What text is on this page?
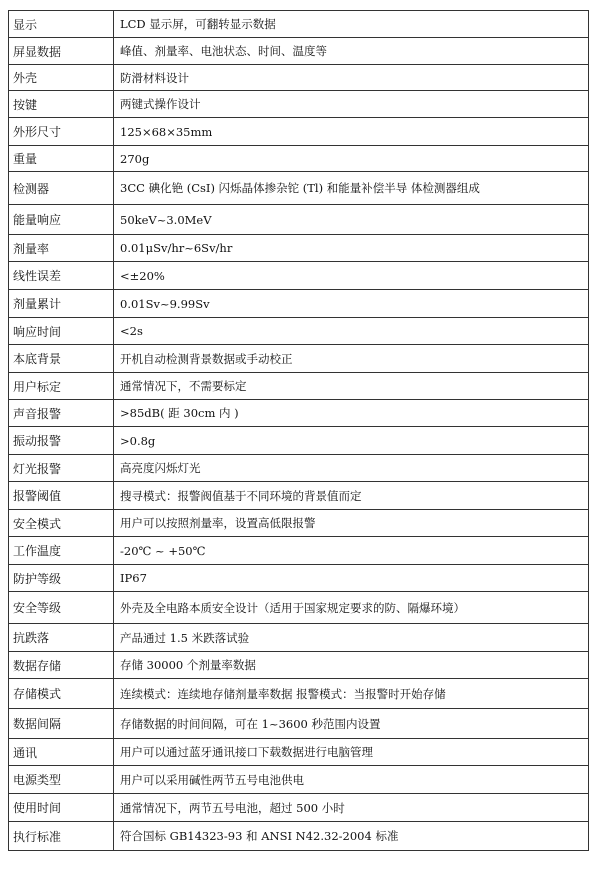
显示	LCD 显示屏，可翻转显示数据
屏显数据	峰值、剂量率、电池状态、时间、温度等
外壳	防滑材料设计
按键	两键式操作设计
外形尺寸	125×68×35mm
重量	270g
检测器	3CC 碘化铯 (CsI) 闪烁晶体掺杂铊 (Tl) 和能量补偿半导 体检测器组成
能量响应	50keV~3.0MeV
剂量率	0.01μSv/hr~6Sv/hr
线性误差	<±20%
剂量累计	0.01Sv~9.99Sv
响应时间	<2s
本底背景	开机自动检测背景数据或手动校正
用户标定	通常情况下，不需要标定
声音报警	>85dB( 距 30cm 内 )
振动报警	>0.8g
灯光报警	高亮度闪烁灯光
报警阈值	搜寻模式：报警阀值基于不同环境的背景值而定
安全模式	用户可以按照剂量率，设置高低限报警
工作温度	-20℃ ~ +50℃
防护等级	IP67
安全等级	外壳及全电路本质安全设计（适用于国家规定要求的防、隔爆环境）
抗跌落	产品通过 1.5 米跌落试验
数据存储	存储 30000 个剂量率数据
存储模式	连续模式：连续地存储剂量率数据 报警模式：当报警时开始存储
数据间隔	存储数据的时间间隔，可在 1~3600 秒范围内设置
通讯	用户可以通过蓝牙通讯接口下载数据进行电脑管理
电源类型	用户可以采用碱性两节五号电池供电
使用时间	通常情况下，两节五号电池，超过 500 小时
执行标准	符合国标 GB14323-93 和 ANSI N42.32-2004 标准
